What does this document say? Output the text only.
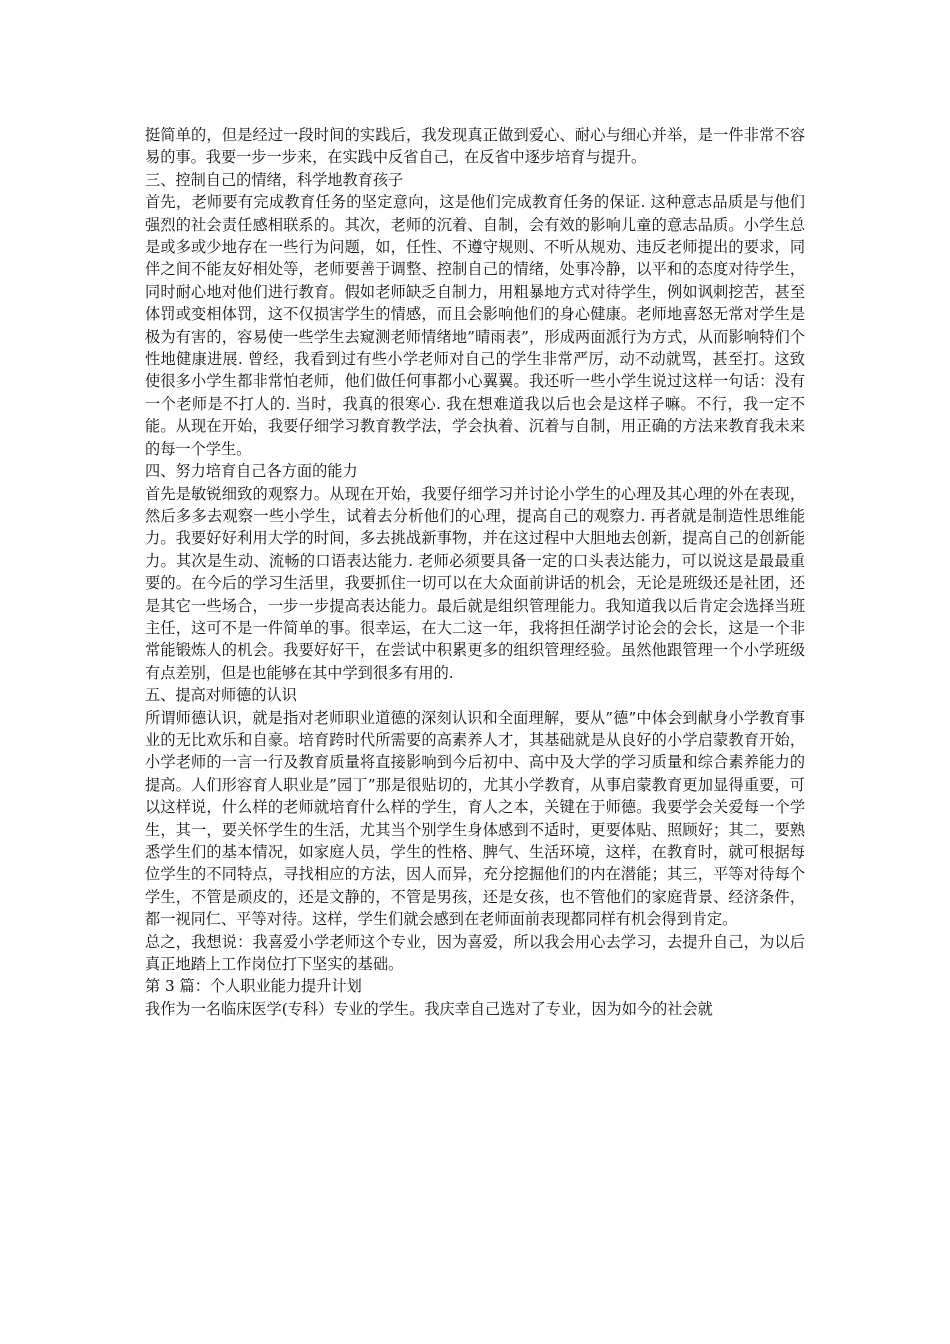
挺简单的，但是经过一段时间的实践后，我发现真正做到爱心、耐心与细心并举，是一件非常不容易的事。我要一步一步来，在实践中反省自己，在反省中逐步培育与提升。

三、控制自己的情绪，科学地教育孩子

首先，老师要有完成教育任务的坚定意向，这是他们完成教育任务的保证. 这种意志品质是与他们强烈的社会责任感相联系的。其次，老师的沉着、自制，会有效的影响儿童的意志品质。小学生总是或多或少地存在一些行为问题，如，任性、不遵守规则、不听从规劝、违反老师提出的要求，同伴之间不能友好相处等，老师要善于调整、控制自己的情绪，处事冷静，以平和的态度对待学生，同时耐心地对他们进行教育。假如老师缺乏自制力，用粗暴地方式对待学生，例如讽刺挖苦，甚至体罚或变相体罚，这不仅损害学生的情感，而且会影响他们的身心健康。老师地喜怒无常对学生是极为有害的，容易使一些学生去窥测老师情绪地”晴雨表”，形成两面派行为方式，从而影响特们个性地健康进展. 曾经，我看到过有些小学老师对自己的学生非常严厉，动不动就骂，甚至打。这致使很多小学生都非常怕老师，他们做任何事都小心翼翼。我还听一些小学生说过这样一句话：没有一个老师是不打人的. 当时，我真的很寒心. 我在想难道我以后也会是这样子嘛。不行，我一定不能。从现在开始，我要仔细学习教育教学法，学会执着、沉着与自制，用正确的方法来教育我未来的每一个学生。

四、努力培育自己各方面的能力

首先是敏锐细致的观察力。从现在开始，我要仔细学习并讨论小学生的心理及其心理的外在表现，然后多多去观察一些小学生，试着去分析他们的心理，提高自己的观察力. 再者就是制造性思维能力。我要好好利用大学的时间，多去挑战新事物，并在这过程中大胆地去创新，提高自己的创新能力。其次是生动、流畅的口语表达能力. 老师必须要具备一定的口头表达能力，可以说这是最最重要的。在今后的学习生活里，我要抓住一切可以在大众面前讲话的机会，无论是班级还是社团，还是其它一些场合，一步一步提高表达能力。最后就是组织管理能力。我知道我以后肯定会选择当班主任，这可不是一件简单的事。很幸运，在大二这一年，我将担任湖学讨论会的会长，这是一个非常能锻炼人的机会。我要好好干，在尝试中积累更多的组织管理经验。虽然他跟管理一个小学班级有点差别，但是也能够在其中学到很多有用的.

五、提高对师德的认识

所谓师德认识，就是指对老师职业道德的深刻认识和全面理解，要从”德”中体会到献身小学教育事业的无比欢乐和自豪。培育跨时代所需要的高素养人才，其基础就是从良好的小学启蒙教育开始，小学老师的一言一行及教育质量将直接影响到今后初中、高中及大学的学习质量和综合素养能力的提高。人们形容育人职业是”园丁”那是很贴切的，尤其小学教育，从事启蒙教育更加显得重要，可以这样说，什么样的老师就培育什么样的学生，育人之本，关键在于师德。我要学会关爱每一个学生，其一，要关怀学生的生活，尤其当个别学生身体感到不适时，更要体贴、照顾好；其二，要熟悉学生们的基本情况，如家庭人员，学生的性格、脾气、生活环境，这样，在教育时，就可根据每位学生的不同特点，寻找相应的方法，因人而异，充分挖掘他们的内在潜能；其三，平等对待每个学生，不管是顽皮的，还是文静的，不管是男孩，还是女孩，也不管他们的家庭背景、经济条件，都一视同仁、平等对待。这样，学生们就会感到在老师面前表现都同样有机会得到肯定。

总之，我想说：我喜爱小学老师这个专业，因为喜爱，所以我会用心去学习，去提升自己，为以后真正地踏上工作岗位打下坚实的基础。

第 3 篇：个人职业能力提升计划

我作为一名临床医学(专科）专业的学生。我庆幸自己选对了专业，因为如今的社会就
